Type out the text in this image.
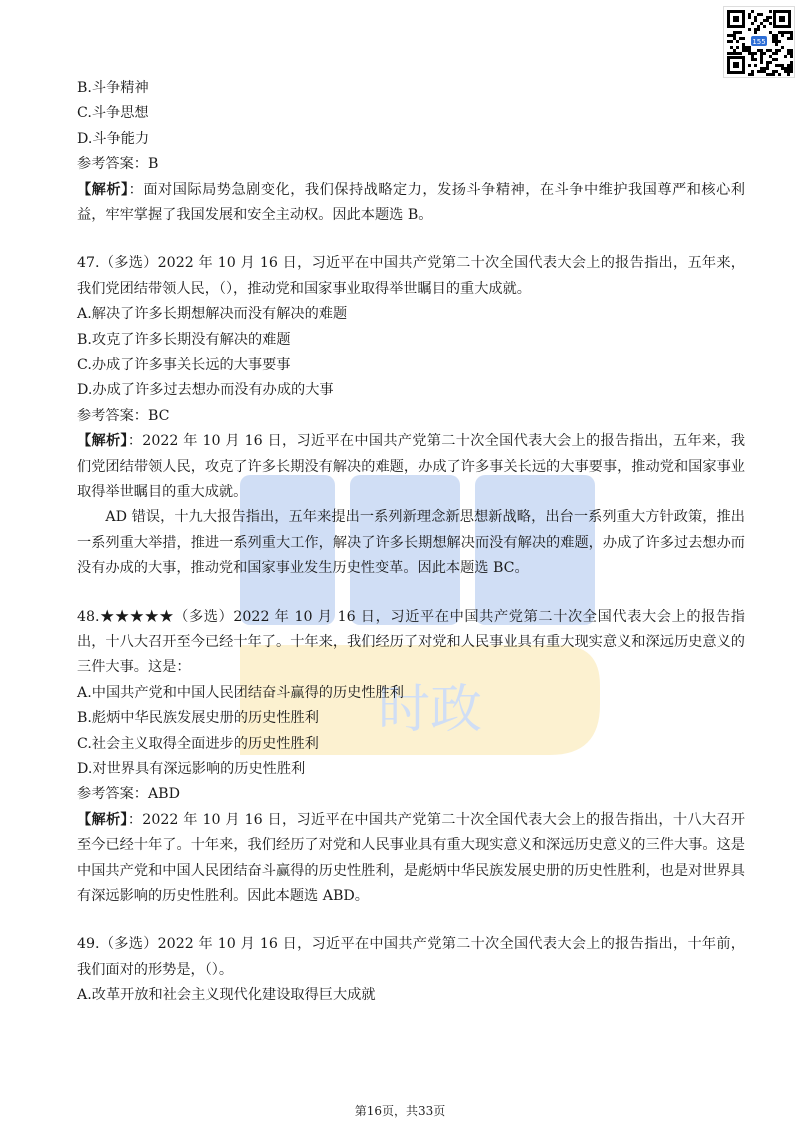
155
时政
B.斗争精神
C.斗争思想
D.斗争能力
参考答案：B
【解析】：面对国际局势急剧变化，我们保持战略定力，发扬斗争精神，在斗争中维护我国尊严和核心利益，牢牢掌握了我国发展和安全主动权。因此本题选 B。
47.（多选）2022 年 10 月 16 日，习近平在中国共产党第二十次全国代表大会上的报告指出，五年来，我们党团结带领人民，（），推动党和国家事业取得举世瞩目的重大成就。
A.解决了许多长期想解决而没有解决的难题
B.攻克了许多长期没有解决的难题
C.办成了许多事关长远的大事要事
D.办成了许多过去想办而没有办成的大事
参考答案：BC
【解析】：2022 年 10 月 16 日，习近平在中国共产党第二十次全国代表大会上的报告指出，五年来，我们党团结带领人民，攻克了许多长期没有解决的难题，办成了许多事关长远的大事要事，推动党和国家事业取得举世瞩目的重大成就。
AD 错误，十九大报告指出，五年来提出一系列新理念新思想新战略，出台一系列重大方针政策，推出一系列重大举措，推进一系列重大工作，解决了许多长期想解决而没有解决的难题，办成了许多过去想办而没有办成的大事，推动党和国家事业发生历史性变革。因此本题选 BC。
48.★★★★★（多选）2022 年 10 月 16 日，习近平在中国共产党第二十次全国代表大会上的报告指出，十八大召开至今已经十年了。十年来，我们经历了对党和人民事业具有重大现实意义和深远历史意义的三件大事。这是：
A.中国共产党和中国人民团结奋斗赢得的历史性胜利
B.彪炳中华民族发展史册的历史性胜利
C.社会主义取得全面进步的历史性胜利
D.对世界具有深远影响的历史性胜利
参考答案：ABD
【解析】：2022 年 10 月 16 日，习近平在中国共产党第二十次全国代表大会上的报告指出，十八大召开至今已经十年了。十年来，我们经历了对党和人民事业具有重大现实意义和深远历史意义的三件大事。这是中国共产党和中国人民团结奋斗赢得的历史性胜利，是彪炳中华民族发展史册的历史性胜利，也是对世界具有深远影响的历史性胜利。因此本题选 ABD。
49.（多选）2022 年 10 月 16 日，习近平在中国共产党第二十次全国代表大会上的报告指出，十年前，我们面对的形势是，（）。
A.改革开放和社会主义现代化建设取得巨大成就
第16页，共33页
